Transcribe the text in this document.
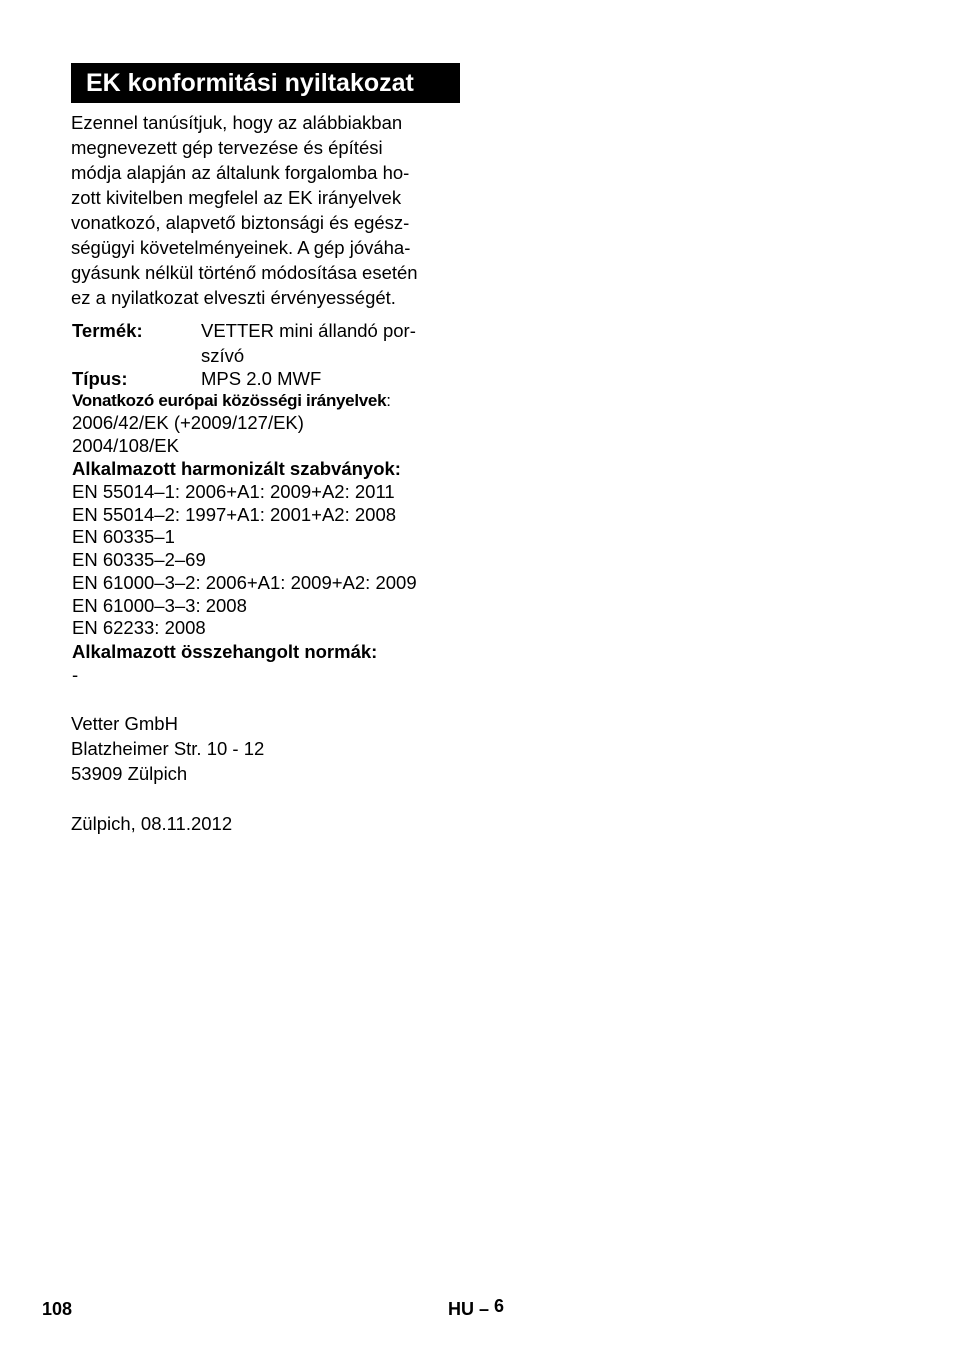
EK konformitási nyiltakozat
Ezennel tanúsítjuk, hogy az alábbiakban
megnevezett gép tervezése és építési
módja alapján az általunk forgalomba ho-
zott kivitelben megfelel az EK irányelvek
vonatkozó, alapvető biztonsági és egész-
ségügyi követelményeinek. A gép jóváha-
gyásunk nélkül történő módosítása esetén
ez a nyilatkozat elveszti érvényességét.
Termék:	VETTER mini állandó por-
szívó
Típus:	MPS 2.0 MWF
Vonatkozó európai közösségi irányelvek:
2006/42/EK (+2009/127/EK)
2004/108/EK
Alkalmazott harmonizált szabványok:
EN 55014–1: 2006+A1: 2009+A2: 2011
EN 55014–2: 1997+A1: 2001+A2: 2008
EN 60335–1
EN 60335–2–69
EN 61000–3–2: 2006+A1: 2009+A2: 2009
EN 61000–3–3: 2008
EN 62233: 2008
Alkalmazott összehangolt normák:
-
Vetter GmbH
Blatzheimer Str. 10 - 12
53909 Zülpich
Zülpich, 08.11.2012
108	HU – 6
